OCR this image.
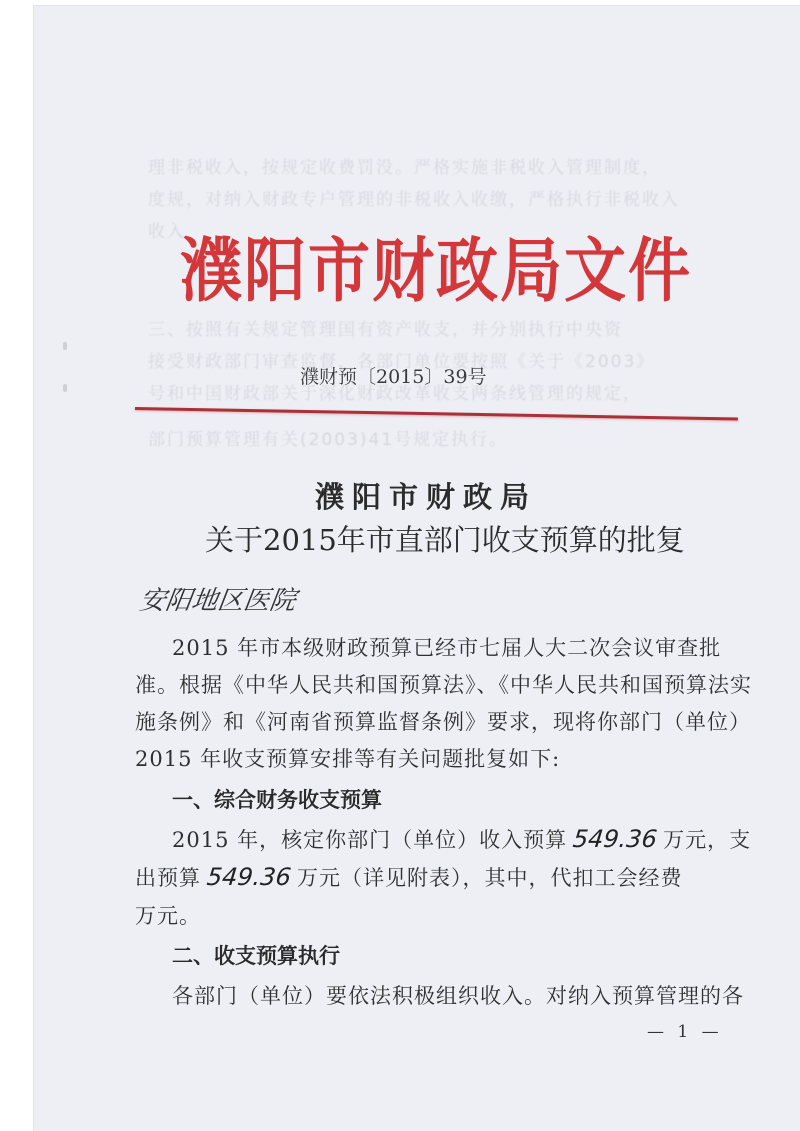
理非税收入，按规定收费罚没。严格实施非税收入管理制度，
度规，对纳入财政专户管理的非税收入收缴，严格执行非税收入
收入
三、按照有关规定管理国有资产收支，并分别执行中央资
接受财政部门审查监督，各部门单位要按照《关于《2003》
号和中国财政部关于深化财政改革收支两条线管理的规定，
部门预算管理有关(2003)41号规定执行。
濮阳市财政局文件
濮财预〔2015〕39号
濮阳市财政局
关于2015年市直部门收支预算的批复
安阳地区医院
2015 年市本级财政预算已经市七届人大二次会议审查批
准。根据《中华人民共和国预算法》、《中华人民共和国预算法实
施条例》和《河南省预算监督条例》要求，现将你部门（单位）
2015 年收支预算安排等有关问题批复如下:
一、综合财务收支预算
2015 年，核定你部门（单位）收入预算 549.36 万元，支
出预算 549.36 万元（详见附表），其中，代扣工会经费
万元。
二、收支预算执行
各部门（单位）要依法积极组织收入。对纳入预算管理的各
— 1 —
